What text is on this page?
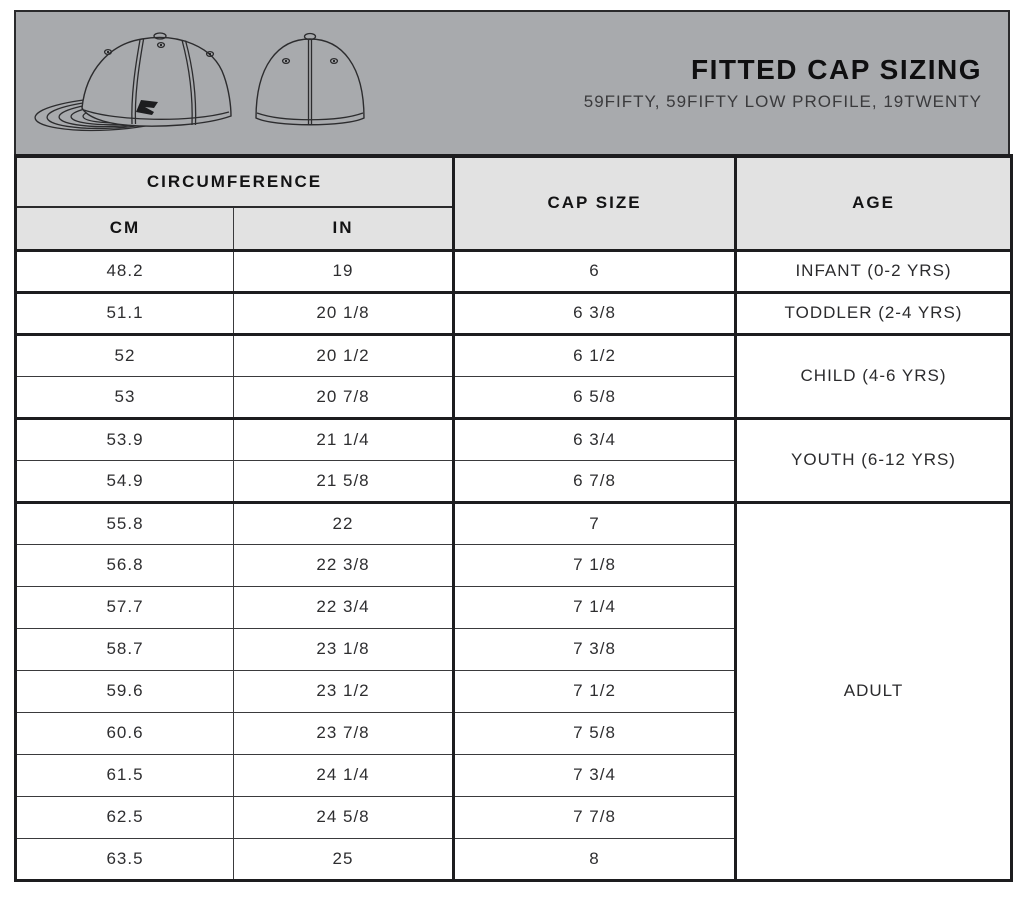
FITTED CAP SIZING

59FIFTY, 59FIFTY LOW PROFILE, 19TWENTY

CIRCUMFERENCE		CAP SIZE	AGE
CM	IN		
48.2	19	6	INFANT (0-2 YRS)
51.1	20 1/8	6 3/8	TODDLER (2-4 YRS)
52	20 1/2	6 1/2	CHILD (4-6 YRS)
53	20 7/8	6 5/8	
53.9	21 1/4	6 3/4	YOUTH (6-12 YRS)
54.9	21 5/8	6 7/8	
55.8	22	7	ADULT
56.8	22 3/8	7 1/8	
57.7	22 3/4	7 1/4	
58.7	23 1/8	7 3/8	
59.6	23 1/2	7 1/2	
60.6	23 7/8	7 5/8	
61.5	24 1/4	7 3/4	
62.5	24 5/8	7 7/8	
63.5	25	8	
